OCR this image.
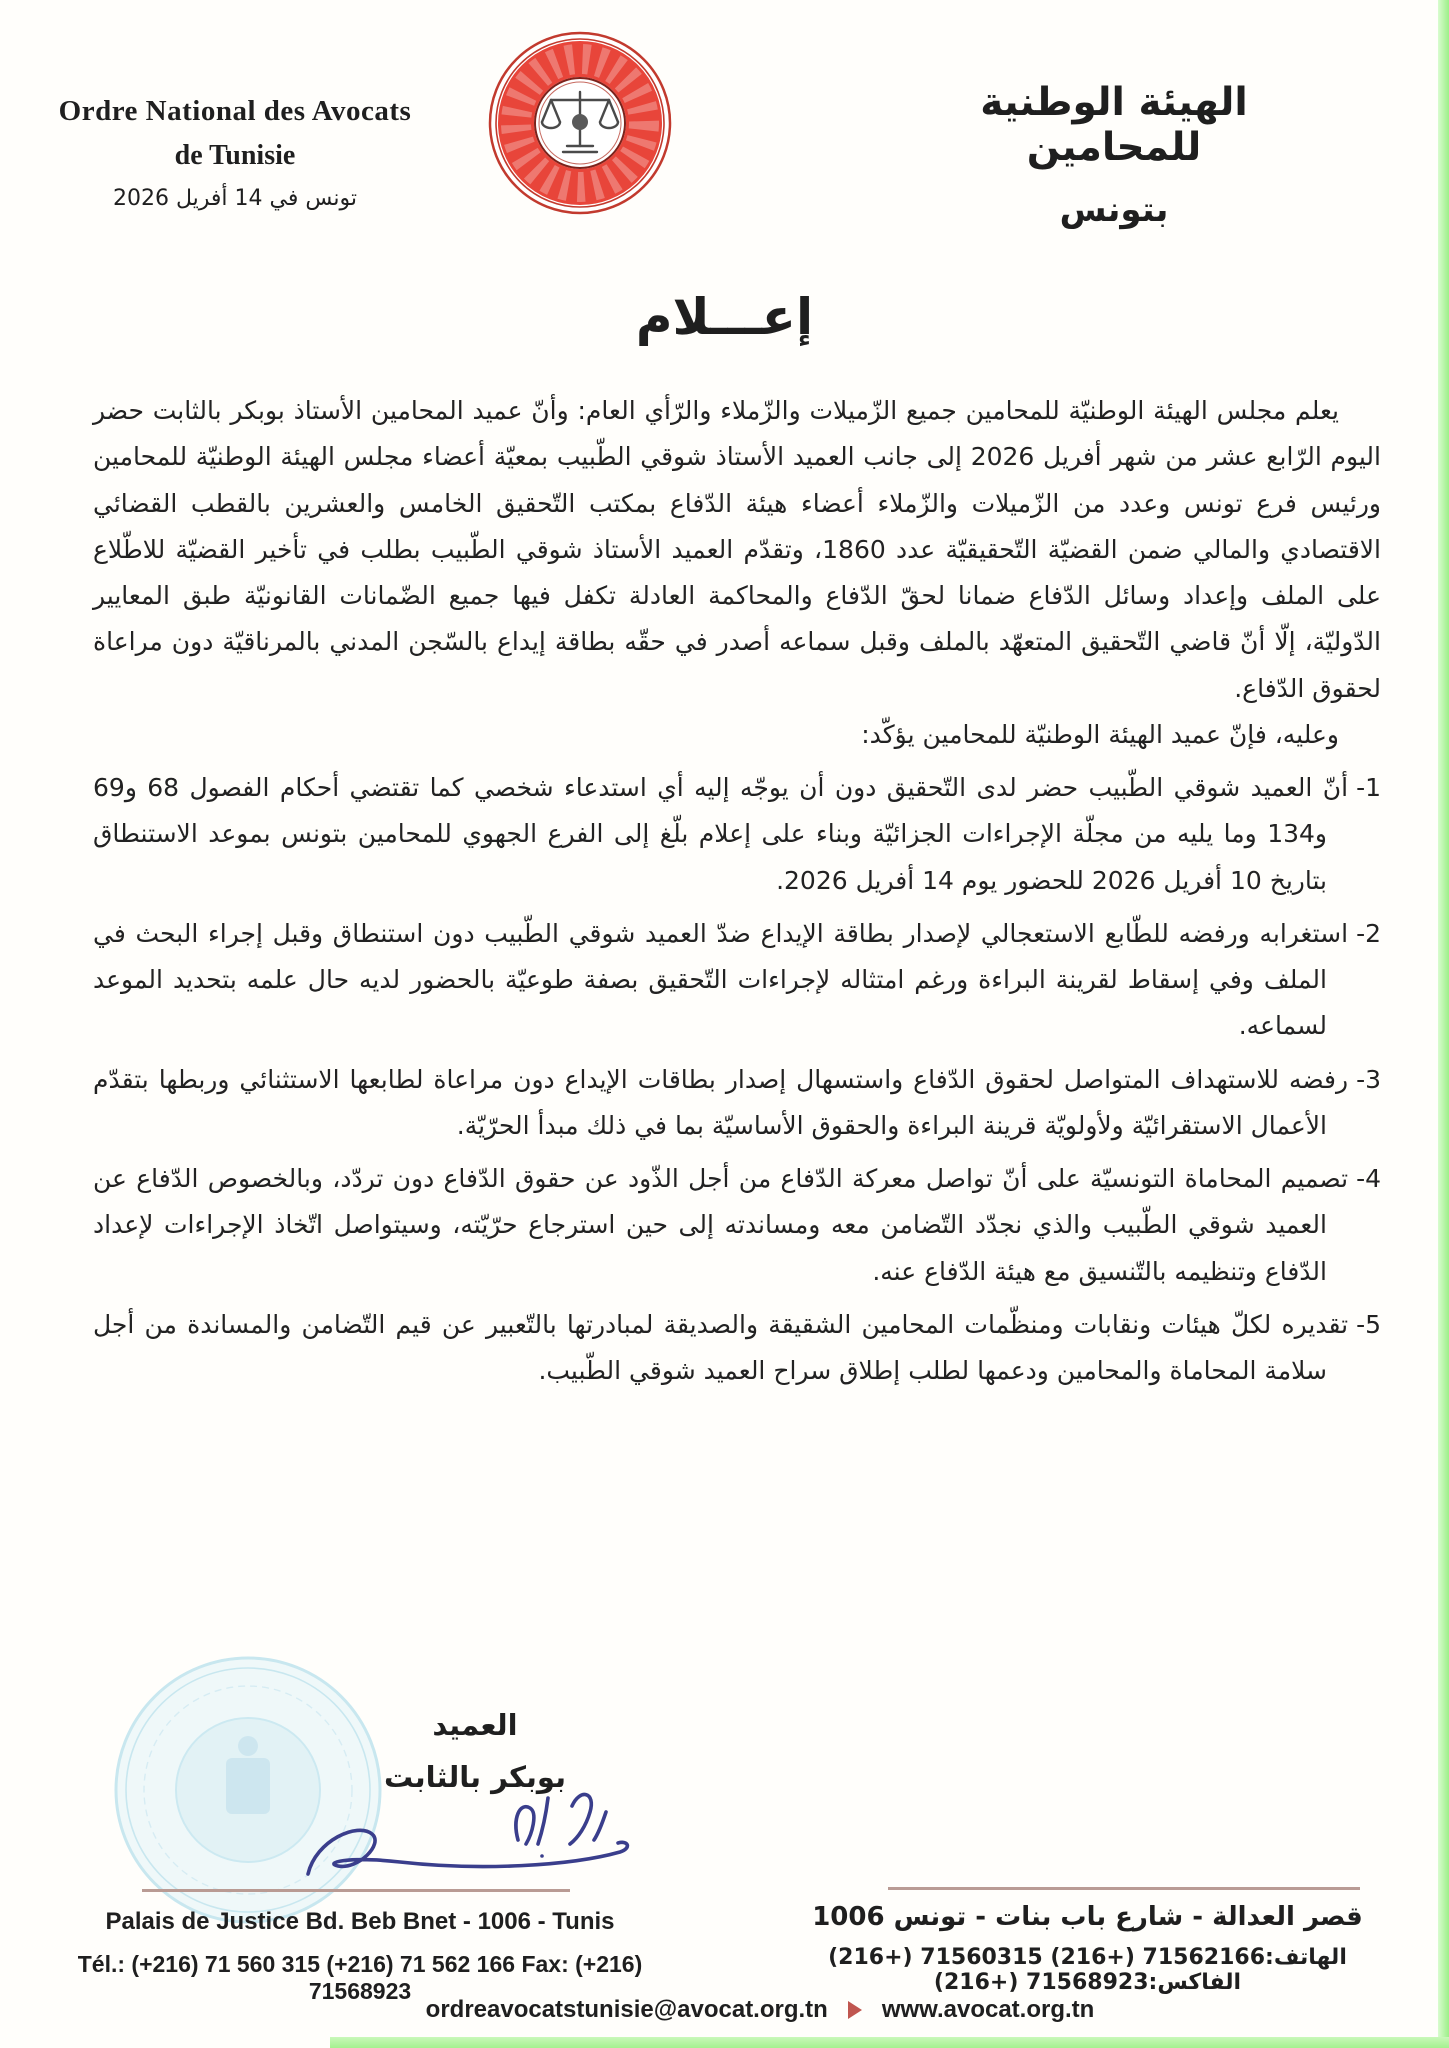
Ordre National des Avocats
de Tunisie
تونس في 14 أفريل 2026
الهيئة الوطنية للمحامين
بتونس
إعـــلام

يعلم مجلس الهيئة الوطنيّة للمحامين جميع الزّميلات والزّملاء والرّأي العام: وأنّ عميد المحامين الأستاذ بوبكر بالثابت حضر اليوم الرّابع عشر من شهر أفريل 2026 إلى جانب العميد الأستاذ شوقي الطّبيب بمعيّة أعضاء مجلس الهيئة الوطنيّة للمحامين ورئيس فرع تونس وعدد من الزّميلات والزّملاء أعضاء هيئة الدّفاع بمكتب التّحقيق الخامس والعشرين بالقطب القضائي الاقتصادي والمالي ضمن القضيّة التّحقيقيّة عدد 1860، وتقدّم العميد الأستاذ شوقي الطّبيب بطلب في تأخير القضيّة للاطّلاع على الملف وإعداد وسائل الدّفاع ضمانا لحقّ الدّفاع والمحاكمة العادلة تكفل فيها جميع الضّمانات القانونيّة طبق المعايير الدّوليّة، إلّا أنّ قاضي التّحقيق المتعهّد بالملف وقبل سماعه أصدر في حقّه بطاقة إيداع بالسّجن المدني بالمرناقيّة دون مراعاة لحقوق الدّفاع.

وعليه، فإنّ عميد الهيئة الوطنيّة للمحامين يؤكّد:

1-أنّ العميد شوقي الطّبيب حضر لدى التّحقيق دون أن يوجّه إليه أي استدعاء شخصي كما تقتضي أحكام الفصول 68 و69 و134 وما يليه من مجلّة الإجراءات الجزائيّة وبناء على إعلام بلّغ إلى الفرع الجهوي للمحامين بتونس بموعد الاستنطاق بتاريخ 10 أفريل 2026 للحضور يوم 14 أفريل 2026.
2-استغرابه ورفضه للطّابع الاستعجالي لإصدار بطاقة الإيداع ضدّ العميد شوقي الطّبيب دون استنطاق وقبل إجراء البحث في الملف وفي إسقاط لقرينة البراءة ورغم امتثاله لإجراءات التّحقيق بصفة طوعيّة بالحضور لديه حال علمه بتحديد الموعد لسماعه.
3-رفضه للاستهداف المتواصل لحقوق الدّفاع واستسهال إصدار بطاقات الإيداع دون مراعاة لطابعها الاستثنائي وربطها بتقدّم الأعمال الاستقرائيّة ولأولويّة قرينة البراءة والحقوق الأساسيّة بما في ذلك مبدأ الحرّيّة.
4-تصميم المحاماة التونسيّة على أنّ تواصل معركة الدّفاع من أجل الذّود عن حقوق الدّفاع دون تردّد، وبالخصوص الدّفاع عن العميد شوقي الطّبيب والذي نجدّد التّضامن معه ومساندته إلى حين استرجاع حرّيّته، وسيتواصل اتّخاذ الإجراءات لإعداد الدّفاع وتنظيمه بالتّنسيق مع هيئة الدّفاع عنه.
5-تقديره لكلّ هيئات ونقابات ومنظّمات المحامين الشقيقة والصديقة لمبادرتها بالتّعبير عن قيم التّضامن والمساندة من أجل سلامة المحاماة والمحامين ودعمها لطلب إطلاق سراح العميد شوقي الطّبيب.
العميد
بوبكر بالثابت
Palais de Justice Bd. Beb Bnet - 1006 - Tunis
Tél.: (+216) 71 560 315 (+216) 71 562 166 Fax: (+216) 71568923
قصر العدالة - شارع باب بنات - تونس 1006
الهاتف:71562166 (+216) 71560315 (+216) الفاكس:71568923 (+216)
ordreavocatstunisie@avocat.org.tn www.avocat.org.tn
